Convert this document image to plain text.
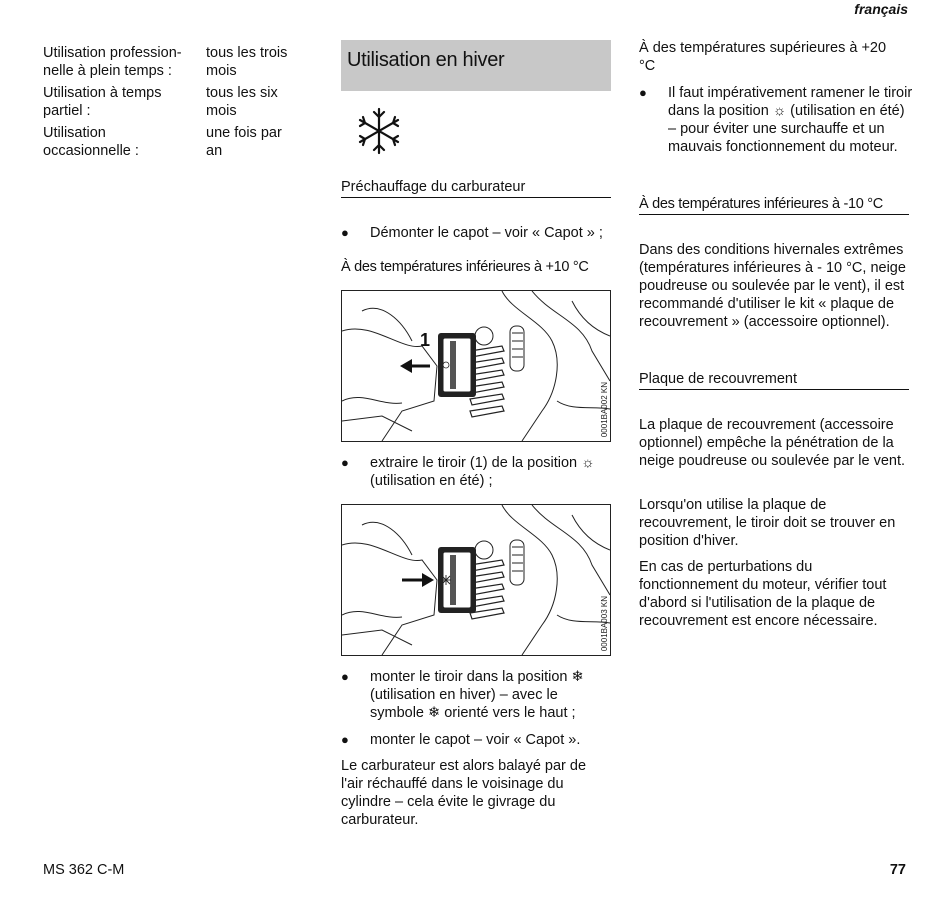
français
Utilisation profession-
nelle à plein temps :
tous les trois mois
Utilisation à temps partiel :
tous les six mois
Utilisation occasionnelle :
une fois par an
Utilisation en hiver
Préchauffage du carburateur
● Démonter le capot – voir « Capot » ;
À des températures inférieures à +10 °C
1
0001BA002 KN
● extraire le tiroir (1) de la position ☼ (utilisation en été) ;
0001BA003 KN
● monter le tiroir dans la position ❄ (utilisation en hiver) – avec le symbole ❄ orienté vers le haut ;
● monter le capot – voir « Capot ».
Le carburateur est alors balayé par de l'air réchauffé dans le voisinage du cylindre – cela évite le givrage du carburateur.
À des températures supérieures à +20 °C
● Il faut impérativement ramener le tiroir dans la position ☼ (utilisation en été) – pour éviter une surchauffe et un mauvais fonctionnement du moteur.
À des températures inférieures à -10 °C
Dans des conditions hivernales extrêmes (températures inférieures à - 10 °C, neige poudreuse ou soulevée par le vent), il est recommandé d'utiliser le kit « plaque de recouvrement » (accessoire optionnel).
Plaque de recouvrement
La plaque de recouvrement (accessoire optionnel) empêche la pénétration de la neige poudreuse ou soulevée par le vent.
Lorsqu'on utilise la plaque de recouvrement, le tiroir doit se trouver en position d'hiver.
En cas de perturbations du fonctionnement du moteur, vérifier tout d'abord si l'utilisation de la plaque de recouvrement est encore nécessaire.
MS 362 C-M	77
